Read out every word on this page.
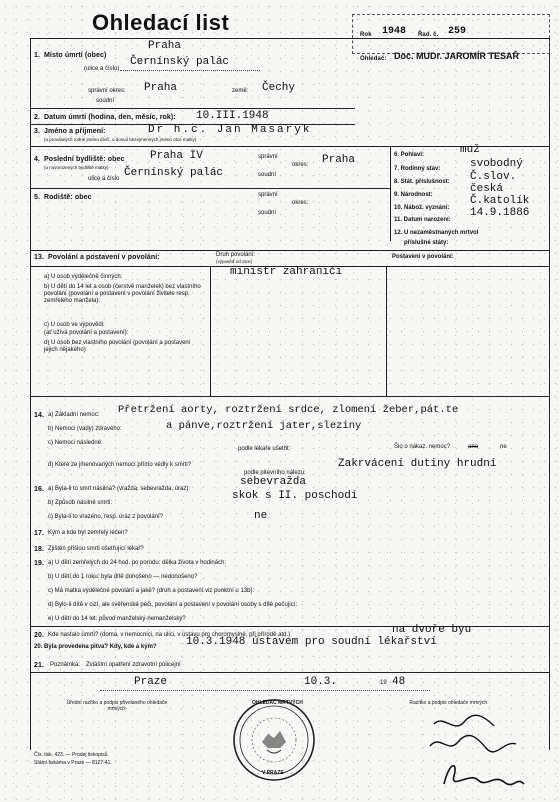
Ohledací list	Rok 1948 Řad. č. 259
Ohledač: Doc. MUDr. JAROMÍR TESAŘ
1. Místo úmrtí (obec)
Praha
(ulice a číslo)
Černínský palác
správní okres: Praha	země: Čechy
soudní
2. Datum úmrtí (hodina, den, měsíc, rok): 10.III.1948
3. Jméno a příjmení:
(u provdaných rodné jméno dívčí, u dosud bezejmenných jméno otce matky)
Dr h.c. Jan Masaryk
4. Poslední bydliště: obec
(u novorozených bydliště matky)
Praha IV
ulice a číslo Černínský palác
správní
okres: Praha
soudní
5. Rodiště: obec	správní
okres:
soudní
6. Pohlaví:	muž
7. Rodinný stav:	svobodný
8. Stát. příslušnost: Č.slov.
9. Národnost:	česká
10. Nábož. vyznání:
Č.katolík
11. Datum narození:
14.9.1886
12. U nezaměstnaných mrtvol
příslušné státy:
13. Povolání a postavení v povolání:	Druh povolání:
(výpověď od otce)
Postavení v povolání:
ministr zahraničí
a) U osob výdělečně činných:
b) U dětí do 14 let a osob (čerstvě manželek) bez vlastního povolání (povolání a postavení v povolání živitele resp. zemřelého manžela):
c) U osob ve výpovědi:
(ať užívá povolání a postavení):
d) U osob bez vlastního povolání (povolání a postavení jejich nějakého)
14. a) Základní nemoc: Přetržení aorty, roztržení srdce, zlomení žeber,pát.te
b) Nemoci (vady) zdravého:	a pánve,roztržení jater,sleziny
c) Nemoci následné:
podle lékaře ušetřit:	Šlo o nákaz. nemoc?	ano	ne
d) Které ze jmenovaných nemocí přímo vedly k smrti?
podle pitevního nálezu:
Zakrvácení dutiny hrudní
16. a) Byla-li to smrt násilná? (vražda, sebevražda, úraz):
sebevražda
b) Způsob násilné smrti:
skok s II. poschodí
c) Byla-li to vrazeno, resp. úraz z povolání?	ne
17. Kým a kde byl zemřelý léčen?
18. Zjištěn přišlou smrti ošetřující lékař?
19. a) U dětí zemřelých do 24 hod. po porodu: délka života v hodinách:
b) U dětí do 1 roku: byla dítě donošeno — nedonošeno?
c) Má matka výdělečné povolání a jaké? (druh a postavení viz punktní u 13b):
d) Bylo-li dítě v cizí, ale svěřenské péči, povolání a postavení v povolání osoby s dítě pečující:
e) U dětí do 14 let: původ manželský-nemanželský?
20. Kde nastalo úmrtí? (doma, v nemocnici, na ulici, v ústavu pro choromyslné, při přírodě atd.)	na dvoře byu
20. Byla provedena pitva? Kdy, kde a kým?	10.3.1948 ústavem pro soudní lékařství
21. Poznámka: Zvláštní opatření zdravotní policejní
Praze	10.3.	19 48
Úřední razítko a podpis přivolaného ohledače mrtvých:
Razítko a podpis ohledače mrtvých:
OHLEDAČ MRTVÝCH
V PRAZE
Čís. tisk. 423. — Prodej tiskopisů.
Státní tiskárna v Praze — 8127-41.
